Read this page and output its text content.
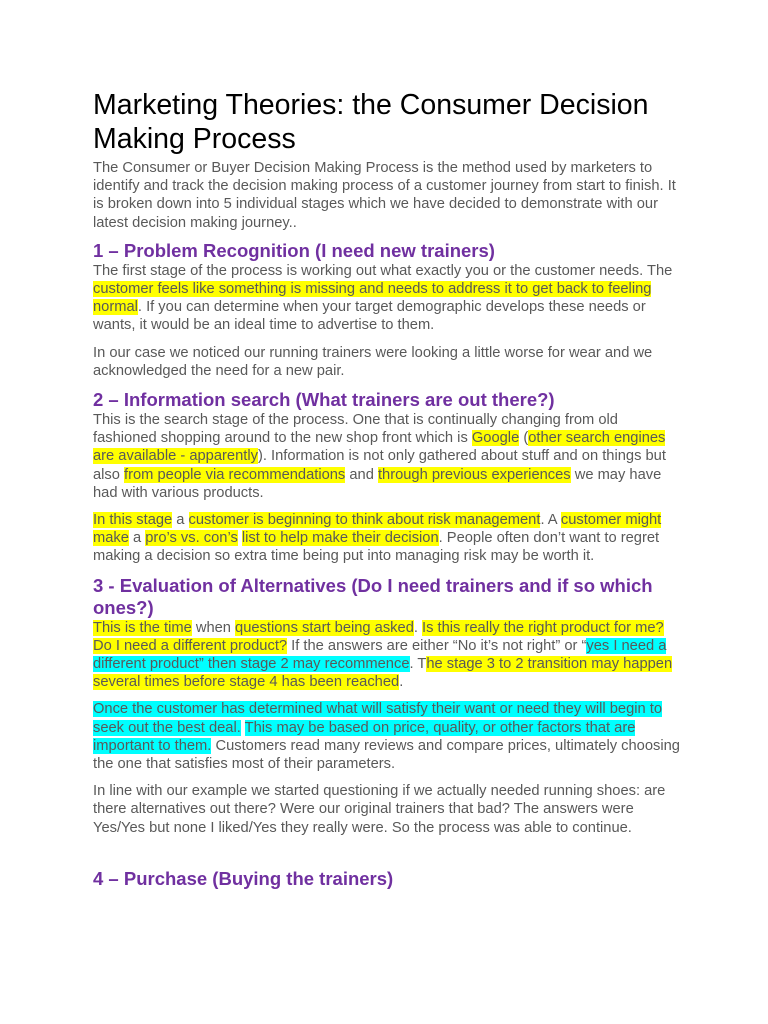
Marketing Theories: the Consumer Decision Making Process

The Consumer or Buyer Decision Making Process is the method used by marketers to identify and track the decision making process of a customer journey from start to finish. It is broken down into 5 individual stages which we have decided to demonstrate with our latest decision making journey..

1 – Problem Recognition (I need new trainers)

The first stage of the process is working out what exactly you or the customer needs. The customer feels like something is missing and needs to address it to get back to feeling normal. If you can determine when your target demographic develops these needs or wants, it would be an ideal time to advertise to them.

In our case we noticed our running trainers were looking a little worse for wear and we acknowledged the need for a new pair.

2 – Information search (What trainers are out there?)

This is the search stage of the process. One that is continually changing from old fashioned shopping around to the new shop front which is Google (other search engines are available - apparently). Information is not only gathered about stuff and on things but also from people via recommendations and through previous experiences we may have had with various products.

In this stage a customer is beginning to think about risk management. A customer might make a pro’s vs. con’s list to help make their decision. People often don’t want to regret making a decision so extra time being put into managing risk may be worth it.

3 - Evaluation of Alternatives (Do I need trainers and if so which ones?)

This is the time when questions start being asked. Is this really the right product for me? Do I need a different product? If the answers are either “No it’s not right” or “yes I need a different product” then stage 2 may recommence. The stage 3 to 2 transition may happen several times before stage 4 has been reached.

Once the customer has determined what will satisfy their want or need they will begin to seek out the best deal. This may be based on price, quality, or other factors that are important to them. Customers read many reviews and compare prices, ultimately choosing the one that satisfies most of their parameters.

In line with our example we started questioning if we actually needed running shoes: are there alternatives out there? Were our original trainers that bad? The answers were Yes/Yes but none I liked/Yes they really were. So the process was able to continue.

4 – Purchase (Buying the trainers)
